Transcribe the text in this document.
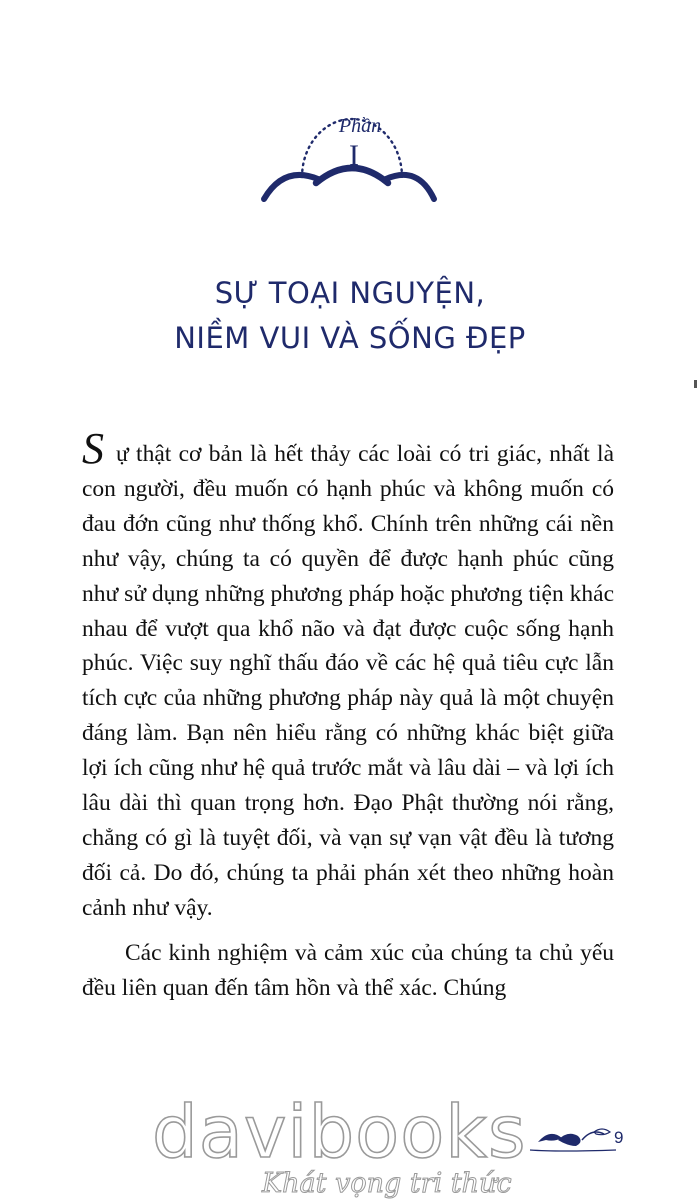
Phần
I
SỰ TOẠI NGUYỆN,
NIỀM VUI VÀ SỐNG ĐẸP

Sự thật cơ bản là hết thảy các loài có tri giác, nhất là con người, đều muốn có hạnh phúc và không muốn có đau đớn cũng như thống khổ. Chính trên những cái nền như vậy, chúng ta có quyền để được hạnh phúc cũng như sử dụng những phương pháp hoặc phương tiện khác nhau để vượt qua khổ não và đạt được cuộc sống hạnh phúc. Việc suy nghĩ thấu đáo về các hệ quả tiêu cực lẫn tích cực của những phương pháp này quả là một chuyện đáng làm. Bạn nên hiểu rằng có những khác biệt giữa lợi ích cũng như hệ quả trước mắt và lâu dài – và lợi ích lâu dài thì quan trọng hơn. Đạo Phật thường nói rằng, chẳng có gì là tuyệt đối, và vạn sự vạn vật đều là tương đối cả. Do đó, chúng ta phải phán xét theo những hoàn cảnh như vậy.

Các kinh nghiệm và cảm xúc của chúng ta chủ yếu đều liên quan đến tâm hồn và thể xác. Chúng

davibooks
Khát vọng tri thức
9
